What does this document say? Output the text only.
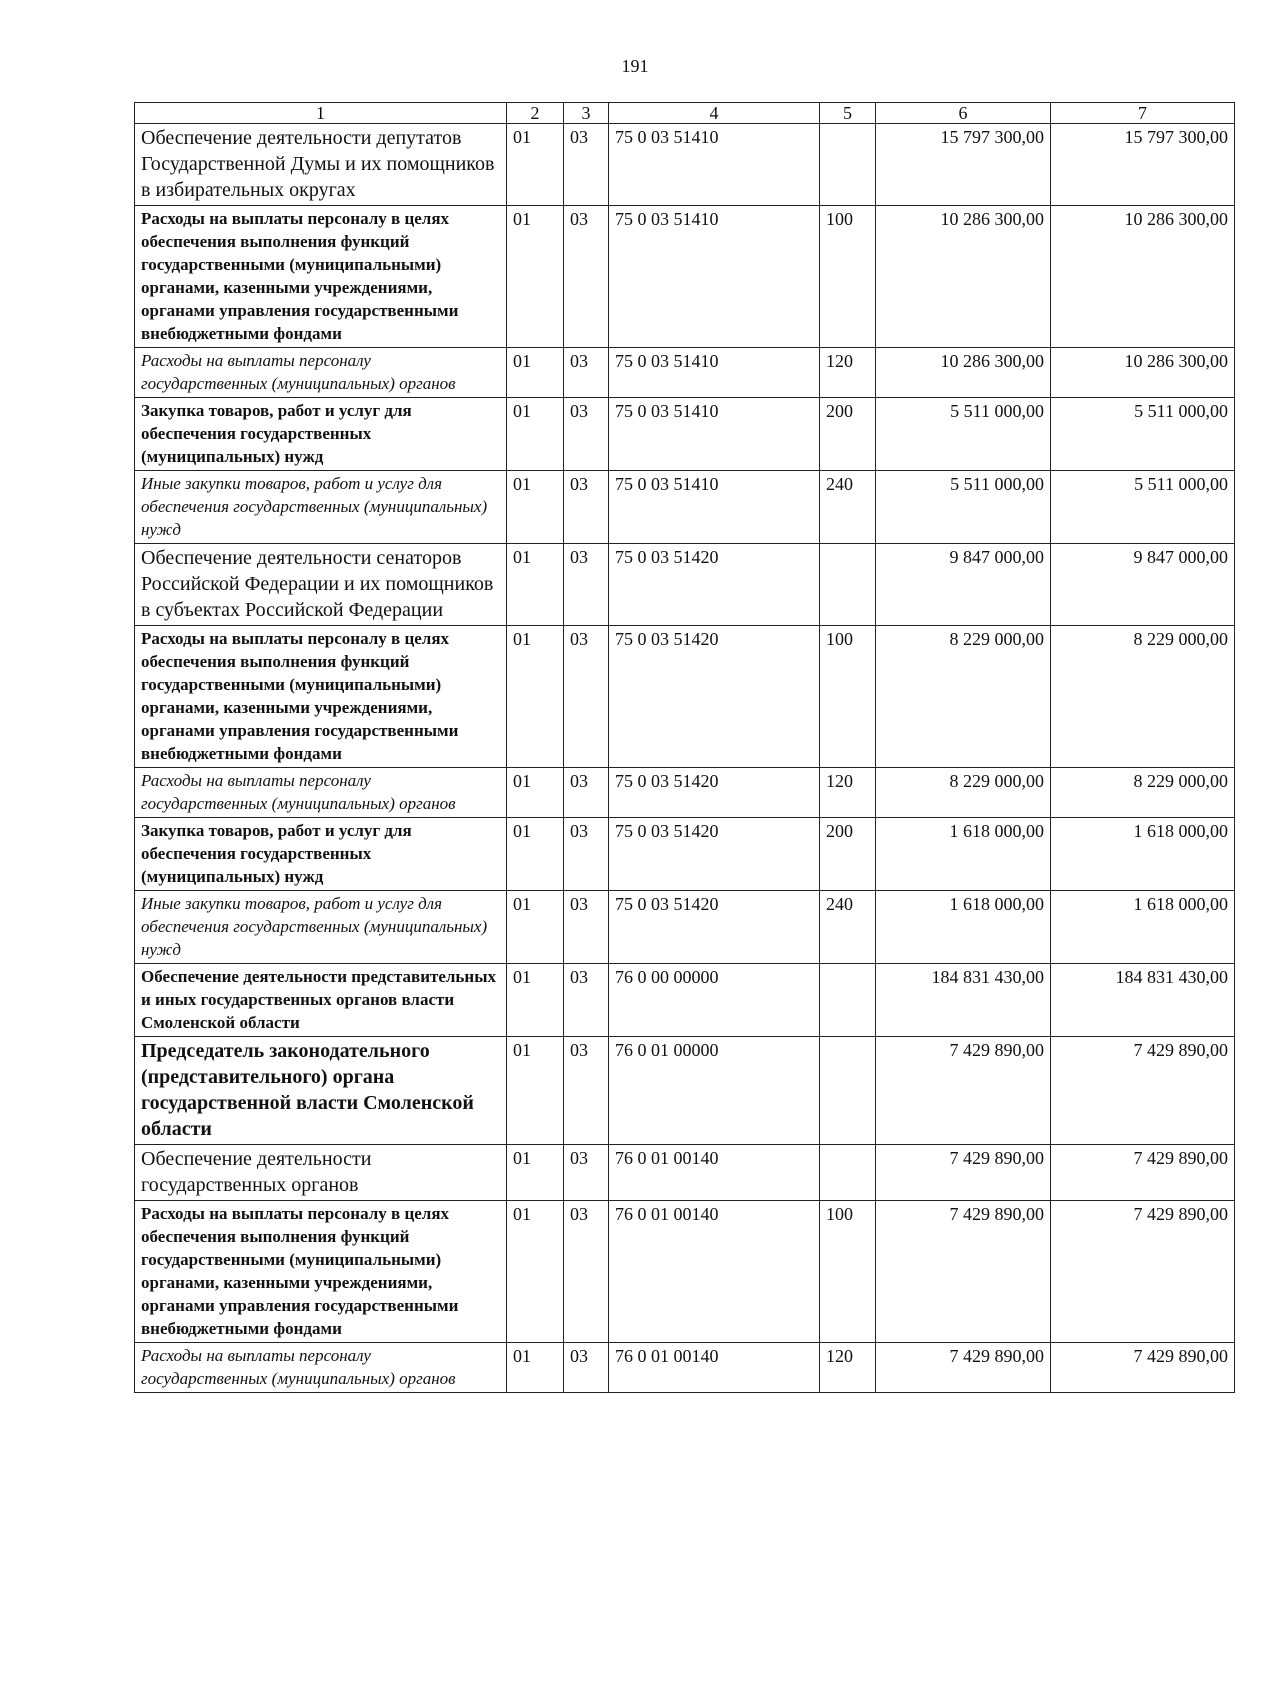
191
1	2	3	4	5	6	7
Обеспечение деятельности депутатов Государственной Думы и их помощников в избирательных округах	01	03	75 0 03 51410		15 797 300,00	15 797 300,00
Расходы на выплаты персоналу в целях обеспечения выполнения функций государственными (муниципальными) органами, казенными учреждениями, органами управления государственными внебюджетными фондами	01	03	75 0 03 51410	100	10 286 300,00	10 286 300,00
Расходы на выплаты персоналу государственных (муниципальных) органов	01	03	75 0 03 51410	120	10 286 300,00	10 286 300,00
Закупка товаров, работ и услуг для обеспечения государственных (муниципальных) нужд	01	03	75 0 03 51410	200	5 511 000,00	5 511 000,00
Иные закупки товаров, работ и услуг для обеспечения государственных (муниципальных) нужд	01	03	75 0 03 51410	240	5 511 000,00	5 511 000,00
Обеспечение деятельности сенаторов Российской Федерации и их помощников в субъектах Российской Федерации	01	03	75 0 03 51420		9 847 000,00	9 847 000,00
Расходы на выплаты персоналу в целях обеспечения выполнения функций государственными (муниципальными) органами, казенными учреждениями, органами управления государственными внебюджетными фондами	01	03	75 0 03 51420	100	8 229 000,00	8 229 000,00
Расходы на выплаты персоналу государственных (муниципальных) органов	01	03	75 0 03 51420	120	8 229 000,00	8 229 000,00
Закупка товаров, работ и услуг для обеспечения государственных (муниципальных) нужд	01	03	75 0 03 51420	200	1 618 000,00	1 618 000,00
Иные закупки товаров, работ и услуг для обеспечения государственных (муниципальных) нужд	01	03	75 0 03 51420	240	1 618 000,00	1 618 000,00
Обеспечение деятельности представительных и иных государственных органов власти Смоленской области	01	03	76 0 00 00000		184 831 430,00	184 831 430,00
Председатель законодательного (представительного) органа государственной власти Смоленской области	01	03	76 0 01 00000		7 429 890,00	7 429 890,00
Обеспечение деятельности государственных органов	01	03	76 0 01 00140		7 429 890,00	7 429 890,00
Расходы на выплаты персоналу в целях обеспечения выполнения функций государственными (муниципальными) органами, казенными учреждениями, органами управления государственными внебюджетными фондами	01	03	76 0 01 00140	100	7 429 890,00	7 429 890,00
Расходы на выплаты персоналу государственных (муниципальных) органов	01	03	76 0 01 00140	120	7 429 890,00	7 429 890,00
